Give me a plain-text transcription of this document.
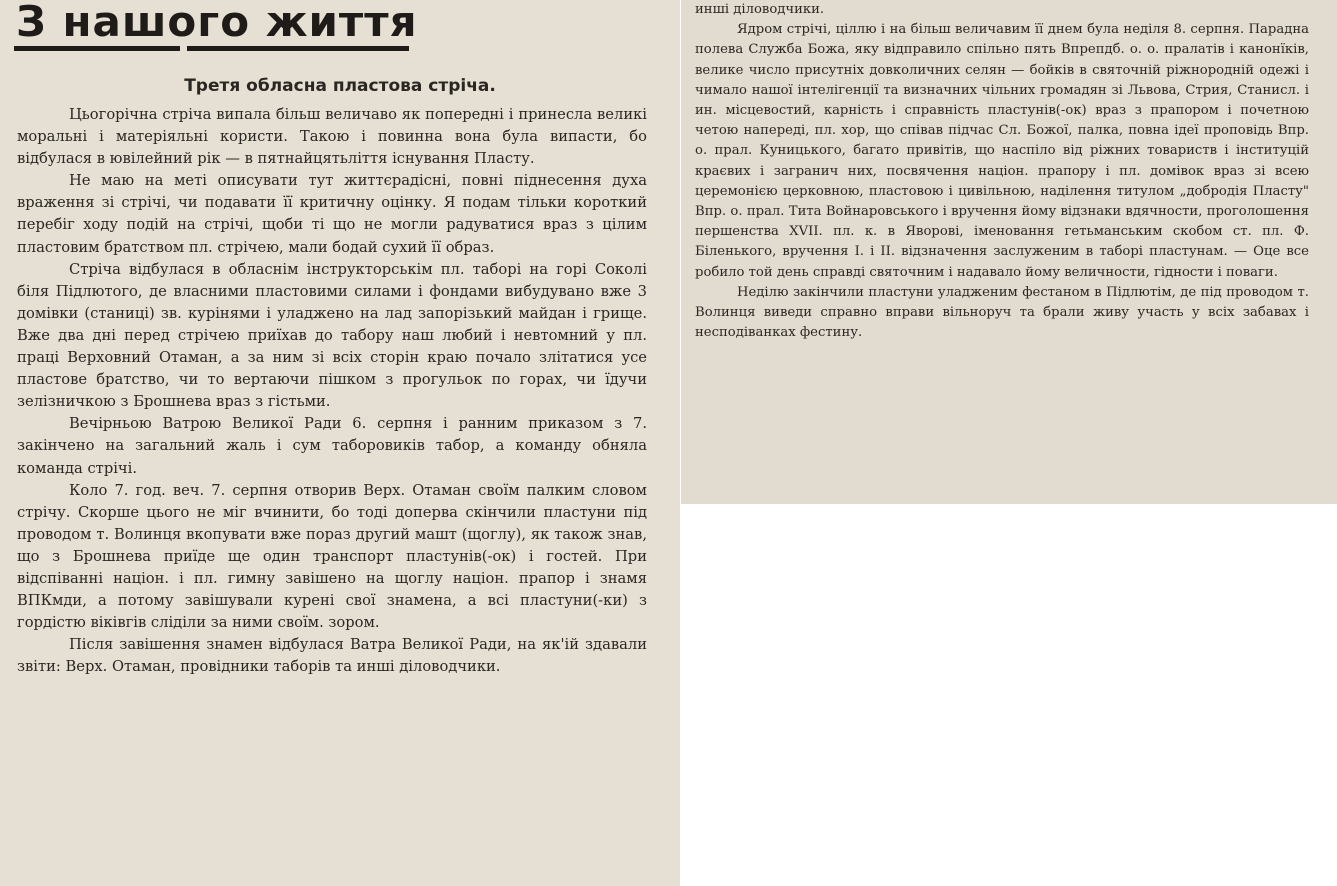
З нашого життя
Третя обласна пластова стріча.

Цьогорічна стріча випала більш величаво як попередні і принесла великі моральні і матеріяльні користи. Такою і повинна вона була випасти, бо відбулася в ювілейний рік — в пятнайцятьліття існування Пласту.

Не маю на меті описувати тут життєрадісні, повні піднесення духа враження зі стрічі, чи подавати її критичну оцінку. Я подам тільки короткий перебіг ходу подій на стрічі, щоби ті що не могли радуватися враз з цілим пластовим братством пл. стрічею, мали бодай сухий її образ.

Стріча відбулася в обласнім інструкторськім пл. таборі на горі Соколі біля Підлютого, де власними пластовими силами і фондами вибудувано вже 3 домівки (станиці) зв. курінями і уладжено на лад запорізький майдан і грище. Вже два дні перед стрічею приїхав до табору наш любий і невтомний у пл. праці Верховний Отаман, а за ним зі всіх сторін краю почало злітатися усе пластове братство, чи то вертаючи пішком з прогульок по горах, чи їдучи зелізничкою з Брошнева враз з гістьми.

Вечірньою Ватрою Великої Ради 6. серпня і ранним приказом з 7. закінчено на загальний жаль і сум таборовиків табор, а команду обняла команда стрічі.

Коло 7. год. веч. 7. серпня отворив Верх. Отаман своїм палким словом стрічу. Скорше цього не міг вчинити, бо тоді доперва скінчили пластуни під проводом т. Волинця вкопувати вже пораз другий машт (щоглу), як також знав, що з Брошнева приїде ще один транспорт пластунів(-ок) і гостей. При відспіванні націон. і пл. гимну завішено на щоглу націон. прапор і знамя ВПКмди, а потому завішували курені свої знамена, а всі пластуни(-ки) з гордістю віківгів сліділи за ними своїм. зором.

Після завішення знамен відбулася Ватра Великої Ради, на як'ій здавали звіти: Верх. Отаман, провідники таборів та инші діловодчики.

инші діловодчики.

Ядром стрічі, ціллю і на більш величавим її днем була неділя 8. серпня. Парадна полева Служба Божа, яку відправило спільно пять Впрепдб. о. о. пралатів і канонїків, велике число присутніх довколичних селян — бойків в святочній ріжнородній одежі і чимало нашої інтелігенції та визначних чільних громадян зі Львова, Стрия, Станисл. і ин. місцевостий, карність і справність пластунів(-ок) враз з прапором і почетною четою напереді, пл. хор, що співав підчас Сл. Божої, палка, повна ідеї проповідь Впр. о. прал. Куницького, багато привітів, що наспіло від ріжних товариств і інституцій краєвих і загранич них, посвячення націон. прапору і пл. домівок враз зі всею церемонією церковною, пластовою і цивільною, наділення титулом „добродія Пласту" Впр. о. прал. Тита Войнаровського і вручення йому відзнаки вдячности, проголошення першенства XVII. пл. к. в Яворові, іменовання гетьманським скобом ст. пл. Ф. Біленького, вручення І. і ІІ. відзначення заслуженим в таборі пластунам. — Оце все робило той день справді святочним і надавало йому величности, гідности і поваги.

Неділю закінчили пластуни уладженим фестаном в Підлютім, де під проводом т. Волинця виведи справно вправи вільноруч та брали живу участь у всіх забавах і несподіванках фестину.
